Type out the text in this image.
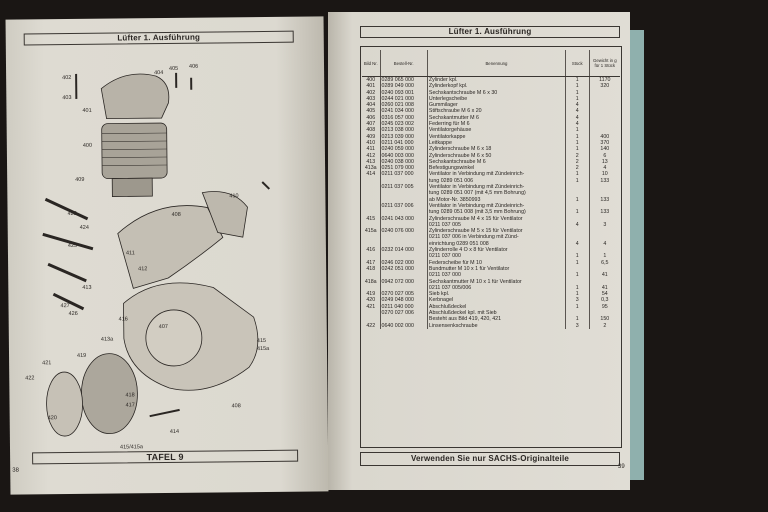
Lüfter 1. Ausführung
402
403
401
404
405 406
400
409
410
408
423
424
425
413
427
426
411
412
407
416
419
415
415a
422
421
420
418
417	408
414
413a
415/415a
TAFEL 9
38
Lüfter 1. Ausführung
Bild Nr.	Bestell-Nr.	Benennung	Stück	Gewicht in g für 1 Stück
400	0289 065 000	Zylinder kpl.	1	1170
401	0289 049 000	Zylinderkopf kpl.	1	320
402	0240 093 001	Sechskantschraube M 6 x 30	1	
403	0244 021 000	Unterlegscheibe	1	
404	0260 021 008	Gummilager	4	
405	0241 034 000	Stiftschraube M 6 x 20	4	
406	0316 057 000	Sechskantmutter M 6	4	
407	0245 023 002	Federring für M 6	4	
408	0213 038 000	Ventilatorgehäuse	1	
409	0213 039 000	Ventilatorkappe	1	400
410	0211 041 000	Leitkappe	1	370
411	0240 059 000	Zylinderschraube M 6 x 18	1	140
412	0640 003 000	Zylinderschraube M 6 x 50	2	6
413	0240 038 000	Sechskantschraube M 6	2	13
413a	0251 079 000	Befestigungswinkel	2	4
414	0211 037 000	Ventilator in Verbindung mit Zündeinrich-	1	10
		tung 0289 051 006	1	133
	0211 037 005	Ventilator in Verbindung mit Zündeinrich-		
		tung 0289 051 007 (mit 4,5 mm Bohrung)		
		ab Motor-Nr. 3850993	1	133
	0211 037 006	Ventilator in Verbindung mit Zündeinrich-		
		tung 0289 051 008 (mit 3,5 mm Bohrung)	1	133
415	0241 043 000	Zylinderschraube M 4 x 15 für Ventilator		
		0211 037 005	4	3
415a	0240 076 000	Zylinderschraube M 5 x 15 für Ventilator		
		0211 037 006 in Verbindung mit Zünd-		
		einrichtung 0289 051 008	4	4
416	0232 014 000	Zylinderrolle 4 O x 8 für Ventilator		
		0211 037 000	1	1
417	0246 022 000	Federscheibe für M 10	1	6,5
418	0242 051 000	Bundmutter M 10 x 1 für Ventilator		
		0211 037 000	1	41
418a	0942 072 000	Sechskantmutter M 10 x 1 für Ventilator		
		0211 037 005/006	1	41
419	0270 027 005	Sieb kpl.	1	54
420	0249 048 000	Kerbnagel	3	0,3
421	0211 040 000	Abschlußdeckel	1	95
	0270 027 006	Abschlußdeckel kpl. mit Sieb		
		Besteht aus Bild 419, 420, 421	1	150
422	0640 002 000	Linsensenkschraube	3	2
Verwenden Sie nur SACHS-Originalteile
39
